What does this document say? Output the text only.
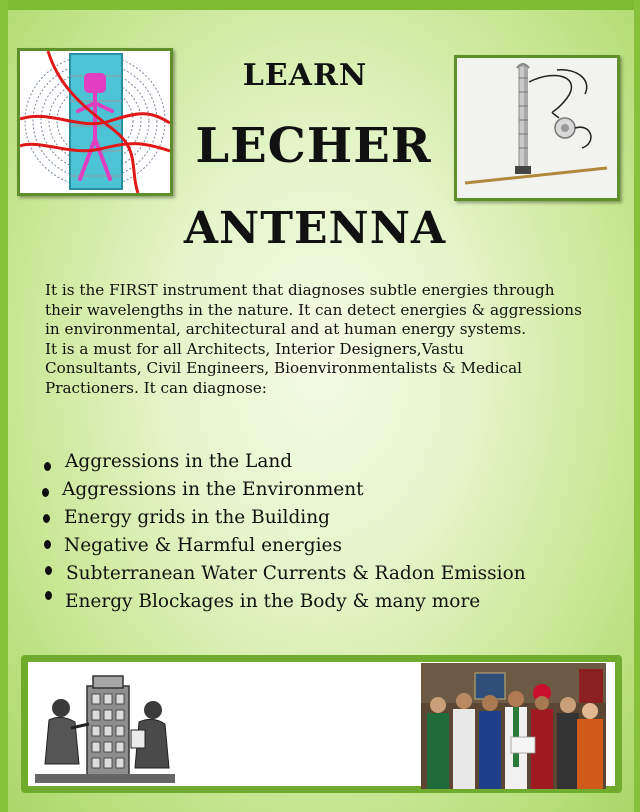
LEARN
LECHER
ANTENNA

It is the FIRST instrument that diagnoses subtle energies through

their wavelengths in the nature. It can detect energies & aggressions

in environmental, architectural and at human energy systems.

It is a must for all Architects, Interior Designers,Vastu

Consultants, Civil Engineers, Bioenvironmentalists & Medical

Practioners. It can diagnose:

Aggressions in the Land
Aggressions in the Environment
Energy grids in the Building
Negative & Harmful energies
Subterranean Water Currents & Radon Emission
Energy Blockages in the Body & many more
